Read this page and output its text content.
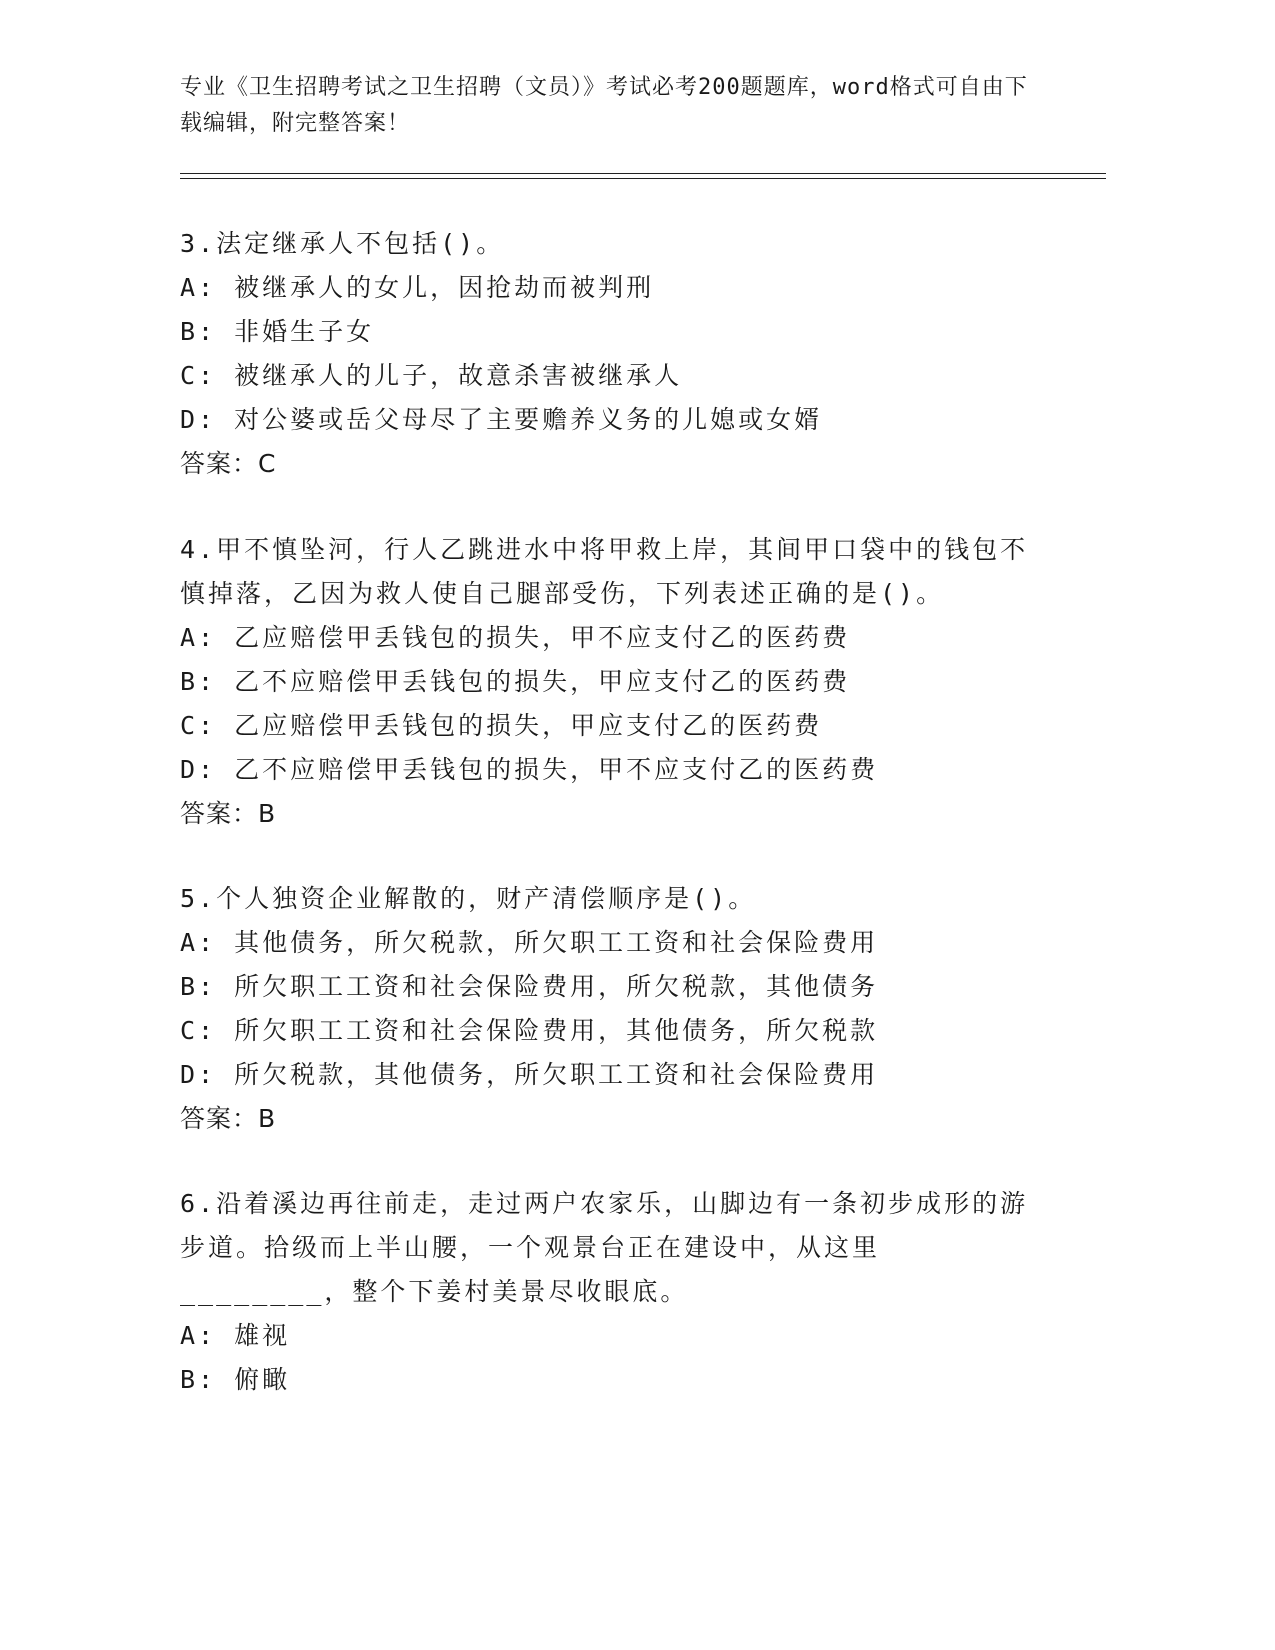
专业《卫生招聘考试之卫生招聘（文员）》考试必考200题题库，word格式可自由下载编辑，附完整答案！
3.法定继承人不包括()。
A: 被继承人的女儿，因抢劫而被判刑
B: 非婚生子女
C: 被继承人的儿子，故意杀害被继承人
D: 对公婆或岳父母尽了主要赡养义务的儿媳或女婿
答案：C
4.甲不慎坠河，行人乙跳进水中将甲救上岸，其间甲口袋中的钱包不慎掉落，乙因为救人使自己腿部受伤，下列表述正确的是()。
A: 乙应赔偿甲丢钱包的损失，甲不应支付乙的医药费
B: 乙不应赔偿甲丢钱包的损失，甲应支付乙的医药费
C: 乙应赔偿甲丢钱包的损失，甲应支付乙的医药费
D: 乙不应赔偿甲丢钱包的损失，甲不应支付乙的医药费
答案：B
5.个人独资企业解散的，财产清偿顺序是()。
A: 其他债务，所欠税款，所欠职工工资和社会保险费用
B: 所欠职工工资和社会保险费用，所欠税款，其他债务
C: 所欠职工工资和社会保险费用，其他债务，所欠税款
D: 所欠税款，其他债务，所欠职工工资和社会保险费用
答案：B
6.沿着溪边再往前走，走过两户农家乐，山脚边有一条初步成形的游步道。拾级而上半山腰，一个观景台正在建设中，从这里________，整个下姜村美景尽收眼底。
A: 雄视
B: 俯瞰
